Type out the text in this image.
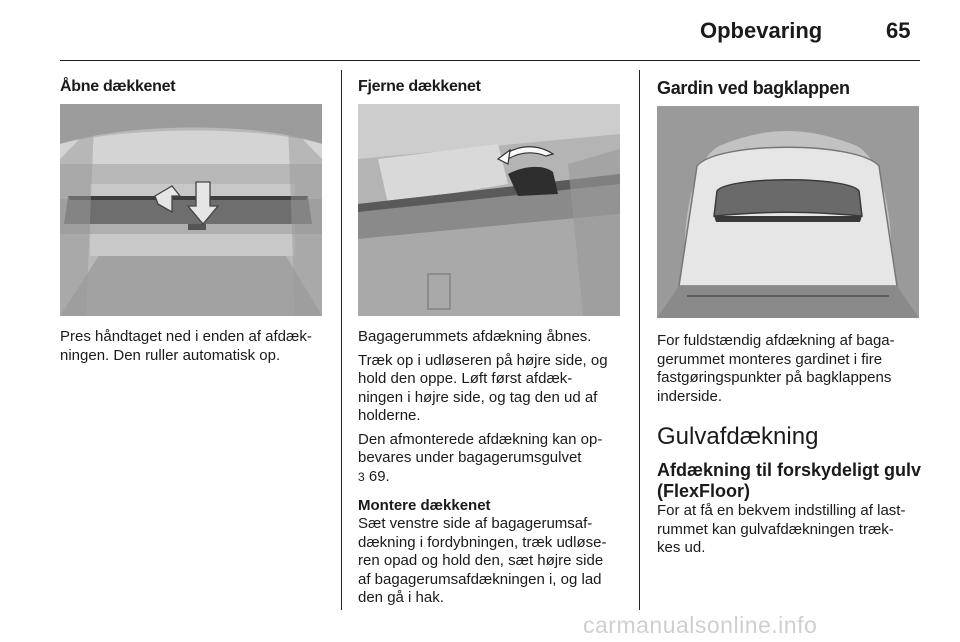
Opbevaring	65
Åbne dækkenet

Pres håndtaget ned i enden af afdæk-

ningen. Den ruller automatisk op.

Fjerne dækkenet

Bagagerummets afdækning åbnes.

Træk op i udløseren på højre side, og

hold den oppe. Løft først afdæk-

ningen i højre side, og tag den ud af

holderne.

Den afmonterede afdækning kan op-

bevares under bagagerumsgulvet

3 69.

Montere dækkenet

Sæt venstre side af bagagerumsaf-

dækning i fordybningen, træk udløse-

ren opad og hold den, sæt højre side

af bagagerumsafdækningen i, og lad

den gå i hak.

Gardin ved bagklappen

For fuldstændig afdækning af baga-

gerummet monteres gardinet i fire

fastgøringspunkter på bagklappens

inderside.

Gulvafdækning
Afdækning til forskydeligt gulv
(FlexFloor)

For at få en bekvem indstilling af last-

rummet kan gulvafdækningen træk-

kes ud.

carmanualsonline.info
